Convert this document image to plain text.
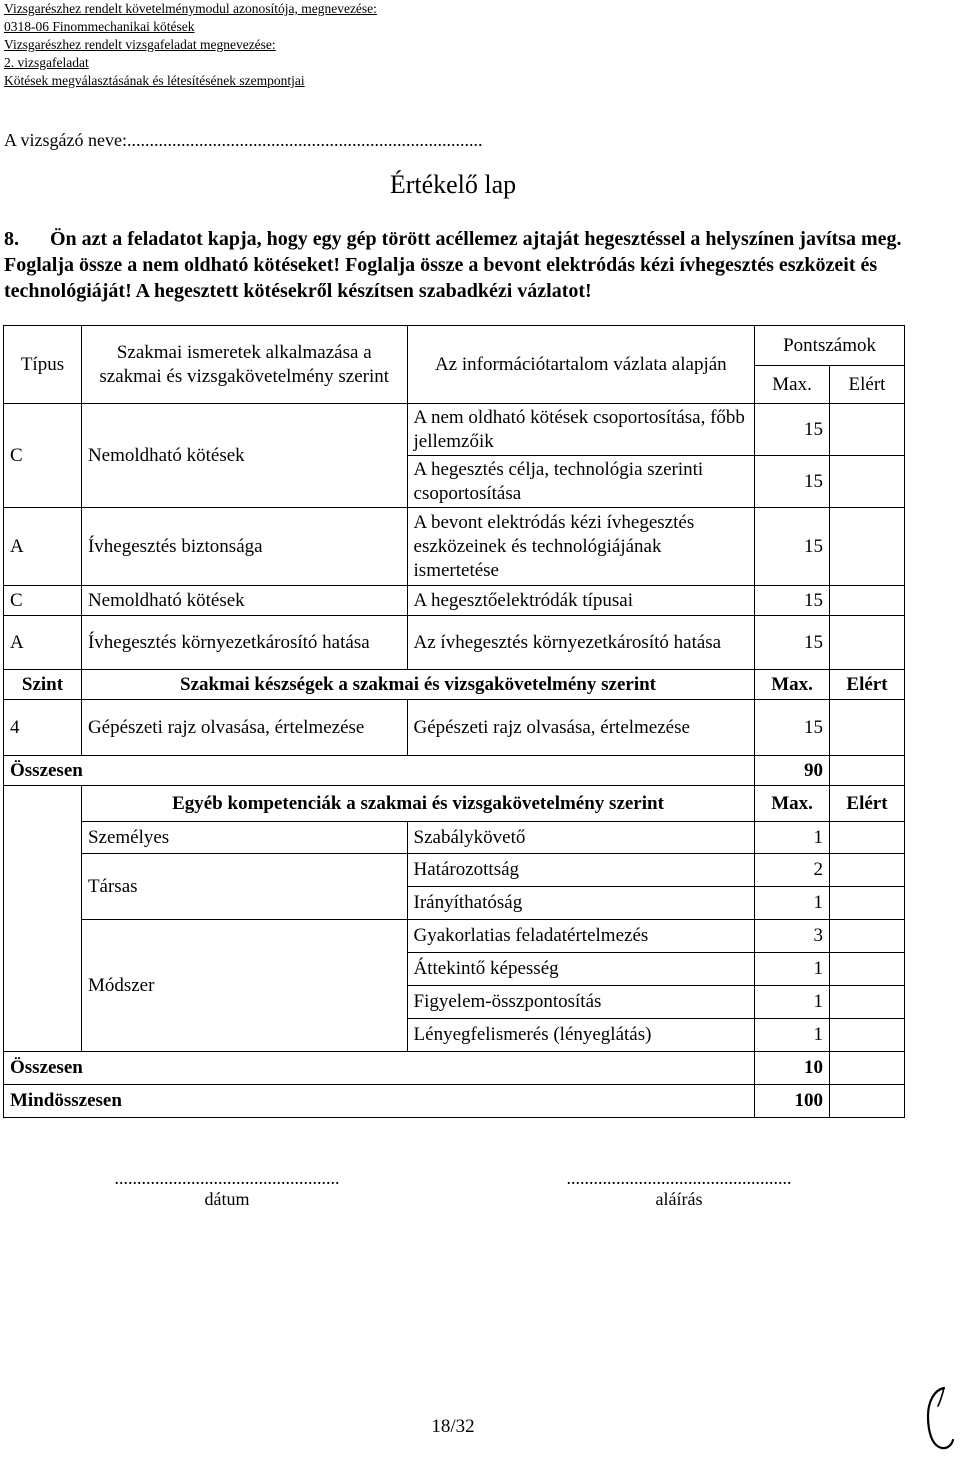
Vizsgarészhez rendelt követelménymodul azonosítója, megnevezése:
0318-06 Finommechanikai kötések
Vizsgarészhez rendelt vizsgafeladat megnevezése:
2. vizsgafeladat
Kötések megválasztásának és létesítésének szempontjai
A vizsgázó neve:...............................................................................
Értékelő lap
8. Ön azt a feladatot kapja, hogy egy gép törött acéllemez ajtaját hegesztéssel a helyszínen javítsa meg. Foglalja össze a nem oldható kötéseket! Foglalja össze a bevont elektródás kézi ívhegesztés eszközeit és technológiáját! A hegesztett kötésekről készítsen szabadkézi vázlatot!
Típus	Szakmai ismeretek alkalmazása a szakmai és vizsgakövetelmény szerint	Az információtartalom vázlata alapján	Pontszámok	
			Max.	Elért
C	Nemoldható kötések	A nem oldható kötések csoportosítása, főbb jellemzőik	15	
		A hegesztés célja, technológia szerinti csoportosítása	15	
A	Ívhegesztés biztonsága	A bevont elektródás kézi ívhegesztés eszközeinek és technológiájának ismertetése	15	
C	Nemoldható kötések	A hegesztőelektródák típusai	15	
A	Ívhegesztés környezetkárosító hatása	Az ívhegesztés környezetkárosító hatása	15	
Szint	Szakmai készségek a szakmai és vizsgakövetelmény szerint		Max.	Elért
4	Gépészeti rajz olvasása, értelmezése	Gépészeti rajz olvasása, értelmezése	15	
Összesen			90	
	Egyéb kompetenciák a szakmai és vizsgakövetelmény szerint		Max.	Elért
	Személyes	Szabálykövető	1	
	Társas	Határozottság	2	
		Irányíthatóság	1	
	Módszer	Gyakorlatias feladatértelmezés	3	
		Áttekintő képesség	1	
		Figyelem-összpontosítás	1	
		Lényegfelismerés (lényeglátás)	1	
Összesen			10	
Mindösszesen			100	
..................................................
dátum
..................................................
aláírás
18/32
